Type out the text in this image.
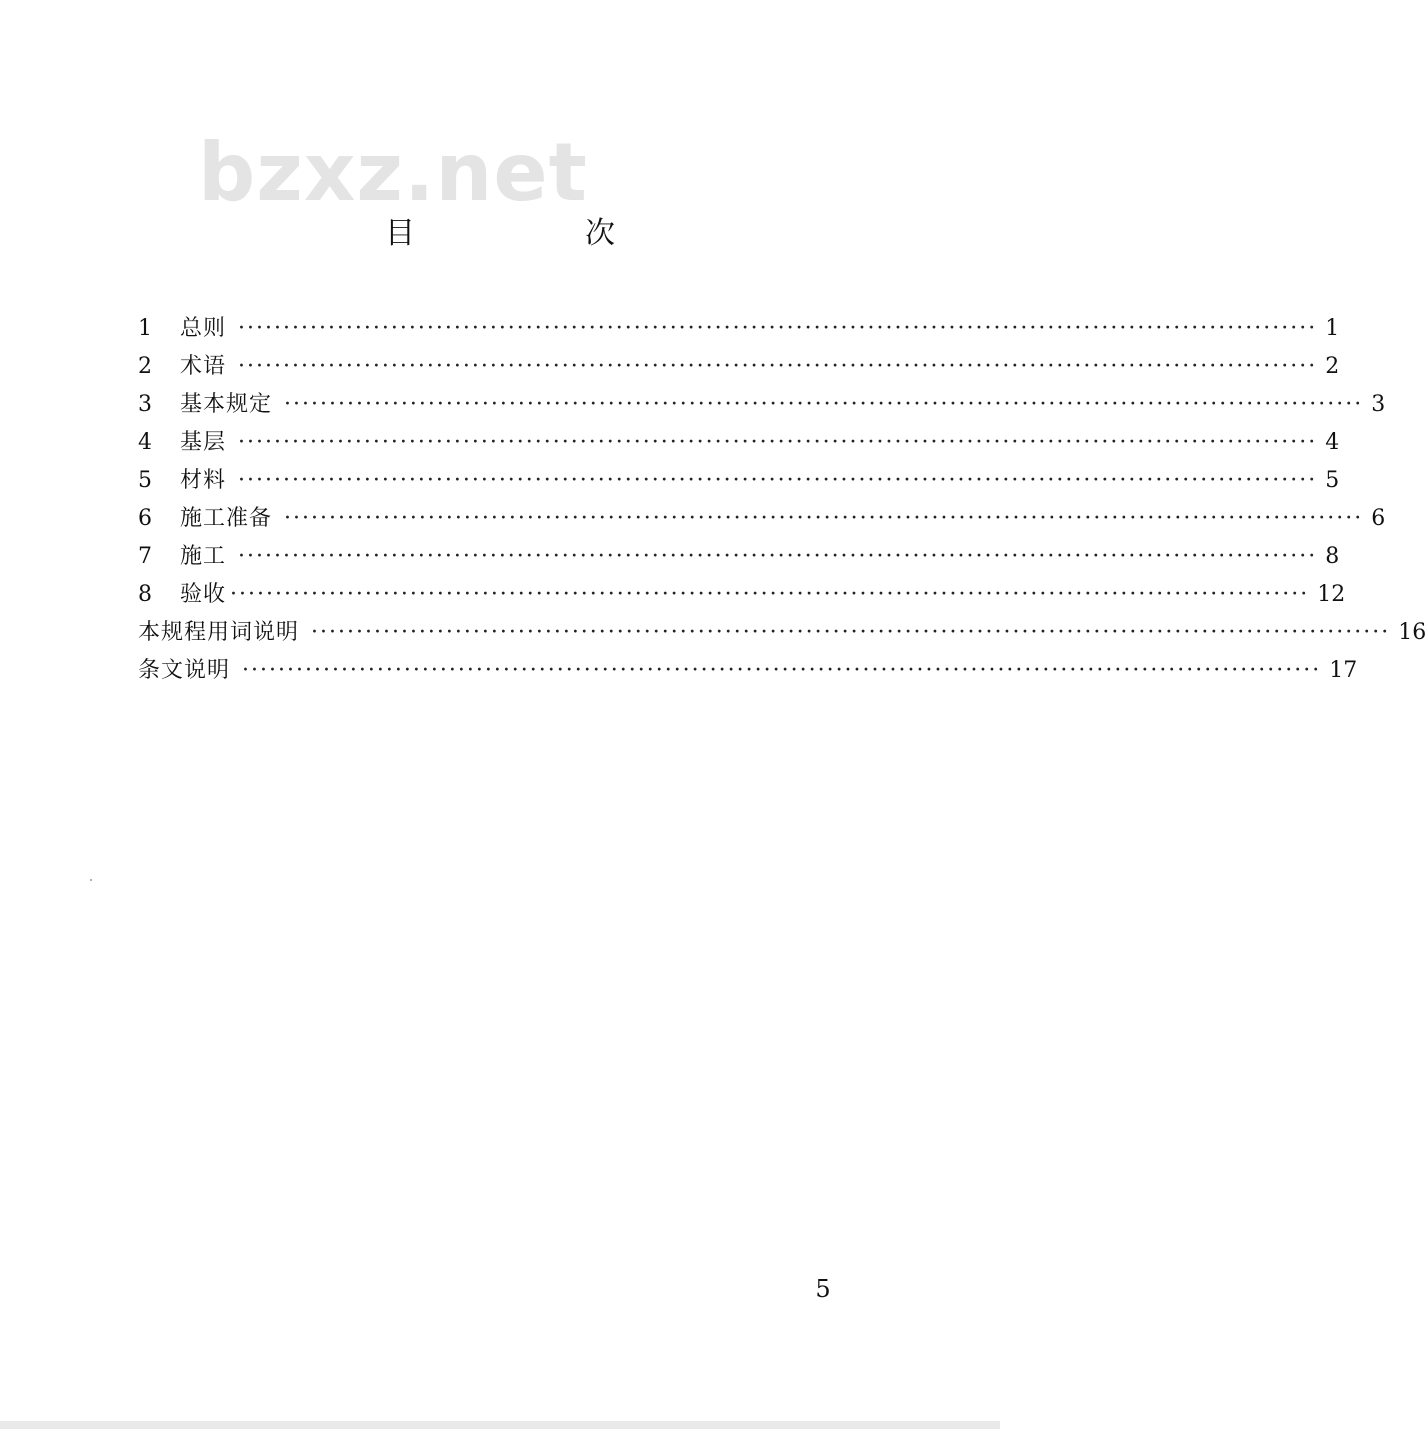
bzxz.net
目　次
1	总则 ························································································································ 1
2	术语 ························································································································ 2
3	基本规定 ························································································································ 3
4	基层 ························································································································ 4
5	材料 ························································································································ 5
6	施工准备 ························································································································ 6
7	施工 ························································································································ 8
8	验收 ························································································································ 12
本规程用词说明 ························································································································ 16
条文说明 ························································································································ 17
5
